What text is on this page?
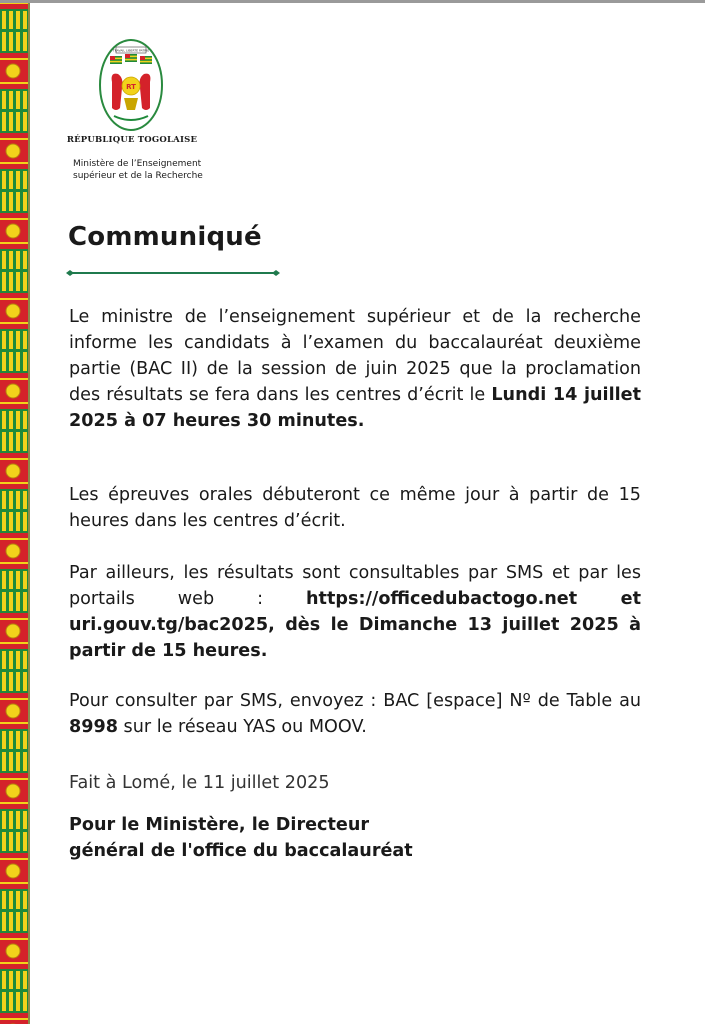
TRAVAIL LIBERTÉ PATRIE
RT
RÉPUBLIQUE TOGOLAISE
Ministère de l’Enseignement
supérieur et de la Recherche
Communiqué
Le ministre de l’enseignement supérieur et de la recherche informe les candidats à l’examen du baccalauréat deuxième partie (BAC II) de la session de juin 2025 que la proclamation des résultats se fera dans les centres d’écrit le Lundi 14 juillet 2025 à 07 heures 30 minutes.
Les épreuves orales débuteront ce même jour à partir de 15 heures dans les centres d’écrit.
Par ailleurs, les résultats sont consultables par SMS et par les portails web : https://officedubactogo.net et uri.gouv.tg/bac2025, dès le Dimanche 13 juillet 2025 à partir de 15 heures.
Pour consulter par SMS, envoyez : BAC [espace] Nº de Table au 8998 sur le réseau YAS ou MOOV.
Fait à Lomé, le 11 juillet 2025
Pour le Ministère, le Directeur
général de l'office du baccalauréat
